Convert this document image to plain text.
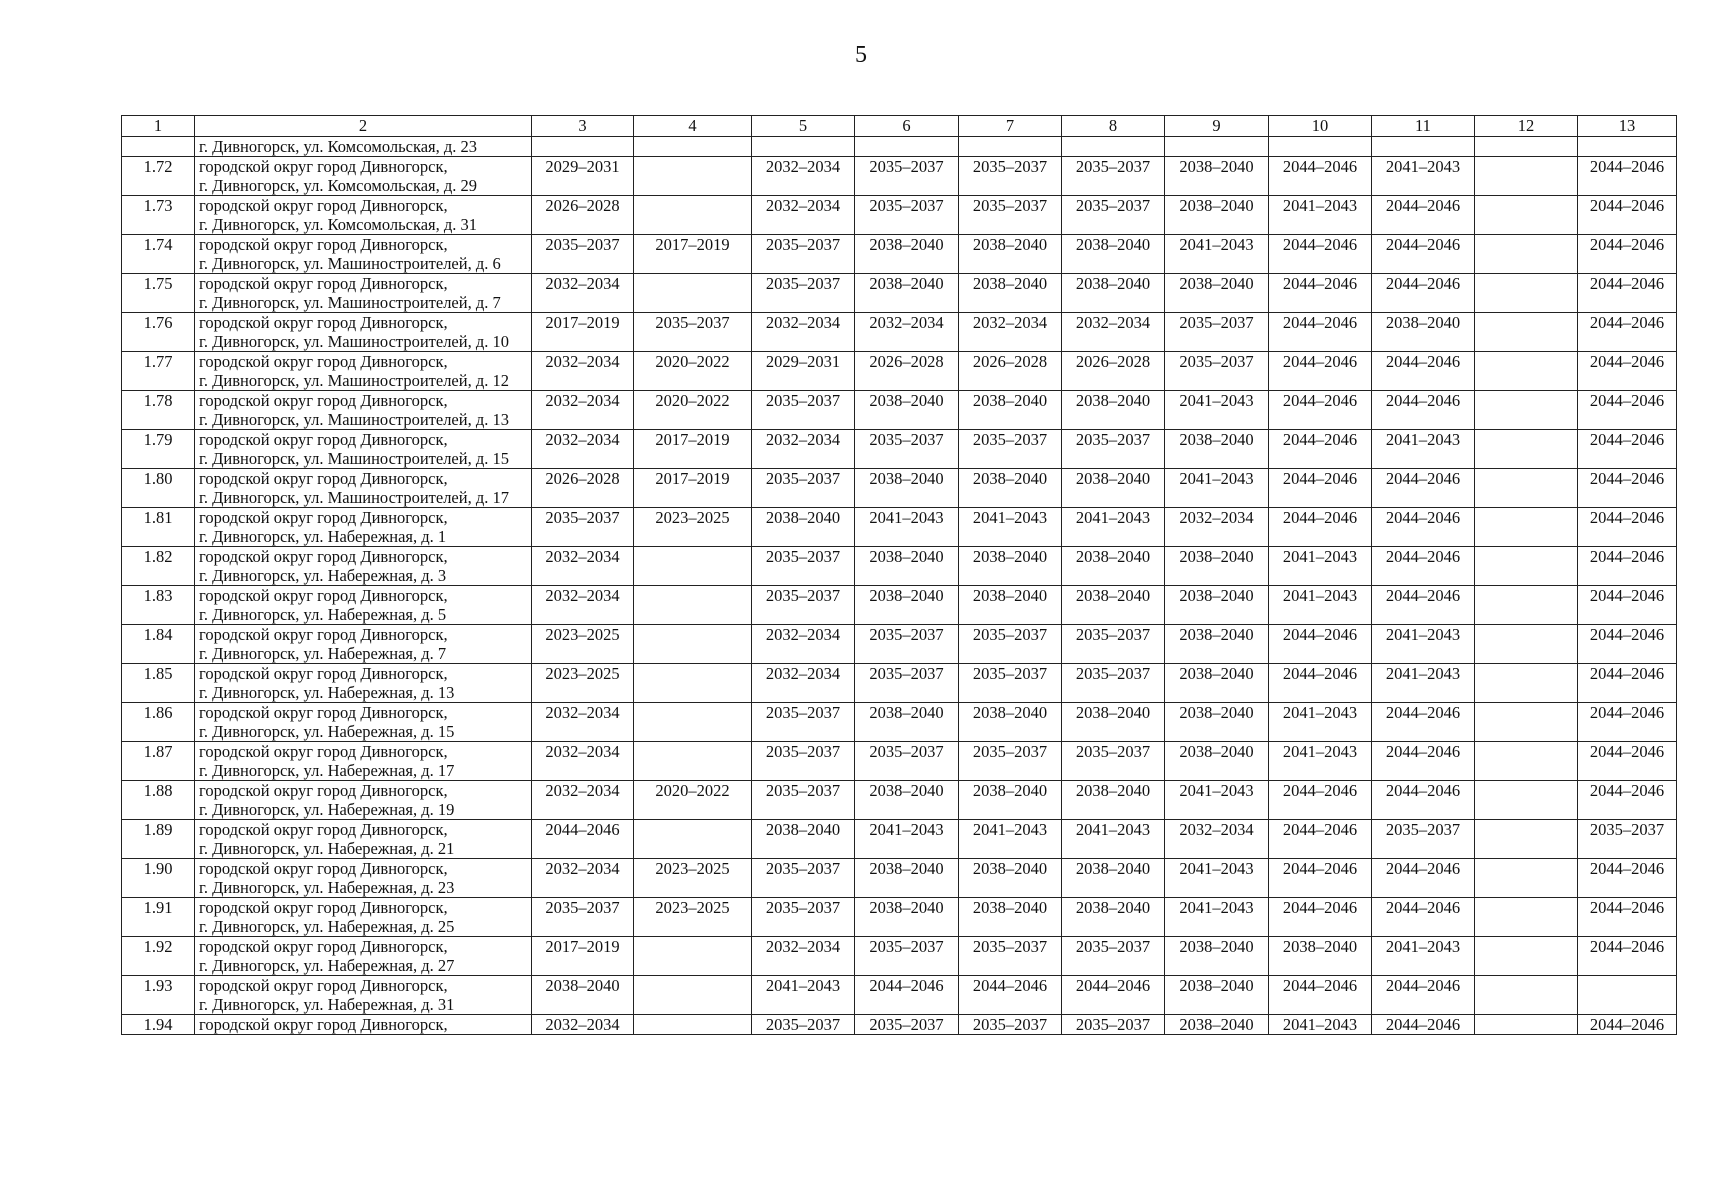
5
1	2	3	4	5	6	7	8	9	10	11	12	13

	г. Дивногорск, ул. Комсомольская, д. 23											

1.72	городской округ город Дивногорск,
г. Дивногорск, ул. Комсомольская, д. 29	2029–2031		2032–2034	2035–2037	2035–2037	2035–2037	2038–2040	2044–2046	2041–2043		2044–2046
1.73	городской округ город Дивногорск,
г. Дивногорск, ул. Комсомольская, д. 31	2026–2028		2032–2034	2035–2037	2035–2037	2035–2037	2038–2040	2041–2043	2044–2046		2044–2046
1.74	городской округ город Дивногорск,
г. Дивногорск, ул. Машиностроителей, д. 6	2035–2037	2017–2019	2035–2037	2038–2040	2038–2040	2038–2040	2041–2043	2044–2046	2044–2046		2044–2046
1.75	городской округ город Дивногорск,
г. Дивногорск, ул. Машиностроителей, д. 7	2032–2034		2035–2037	2038–2040	2038–2040	2038–2040	2038–2040	2044–2046	2044–2046		2044–2046
1.76	городской округ город Дивногорск,
г. Дивногорск, ул. Машиностроителей, д. 10	2017–2019	2035–2037	2032–2034	2032–2034	2032–2034	2032–2034	2035–2037	2044–2046	2038–2040		2044–2046
1.77	городской округ город Дивногорск,
г. Дивногорск, ул. Машиностроителей, д. 12	2032–2034	2020–2022	2029–2031	2026–2028	2026–2028	2026–2028	2035–2037	2044–2046	2044–2046		2044–2046
1.78	городской округ город Дивногорск,
г. Дивногорск, ул. Машиностроителей, д. 13	2032–2034	2020–2022	2035–2037	2038–2040	2038–2040	2038–2040	2041–2043	2044–2046	2044–2046		2044–2046
1.79	городской округ город Дивногорск,
г. Дивногорск, ул. Машиностроителей, д. 15	2032–2034	2017–2019	2032–2034	2035–2037	2035–2037	2035–2037	2038–2040	2044–2046	2041–2043		2044–2046
1.80	городской округ город Дивногорск,
г. Дивногорск, ул. Машиностроителей, д. 17	2026–2028	2017–2019	2035–2037	2038–2040	2038–2040	2038–2040	2041–2043	2044–2046	2044–2046		2044–2046
1.81	городской округ город Дивногорск,
г. Дивногорск, ул. Набережная, д. 1	2035–2037	2023–2025	2038–2040	2041–2043	2041–2043	2041–2043	2032–2034	2044–2046	2044–2046		2044–2046
1.82	городской округ город Дивногорск,
г. Дивногорск, ул. Набережная, д. 3	2032–2034		2035–2037	2038–2040	2038–2040	2038–2040	2038–2040	2041–2043	2044–2046		2044–2046
1.83	городской округ город Дивногорск,
г. Дивногорск, ул. Набережная, д. 5	2032–2034		2035–2037	2038–2040	2038–2040	2038–2040	2038–2040	2041–2043	2044–2046		2044–2046
1.84	городской округ город Дивногорск,
г. Дивногорск, ул. Набережная, д. 7	2023–2025		2032–2034	2035–2037	2035–2037	2035–2037	2038–2040	2044–2046	2041–2043		2044–2046
1.85	городской округ город Дивногорск,
г. Дивногорск, ул. Набережная, д. 13	2023–2025		2032–2034	2035–2037	2035–2037	2035–2037	2038–2040	2044–2046	2041–2043		2044–2046
1.86	городской округ город Дивногорск,
г. Дивногорск, ул. Набережная, д. 15	2032–2034		2035–2037	2038–2040	2038–2040	2038–2040	2038–2040	2041–2043	2044–2046		2044–2046
1.87	городской округ город Дивногорск,
г. Дивногорск, ул. Набережная, д. 17	2032–2034		2035–2037	2035–2037	2035–2037	2035–2037	2038–2040	2041–2043	2044–2046		2044–2046
1.88	городской округ город Дивногорск,
г. Дивногорск, ул. Набережная, д. 19	2032–2034	2020–2022	2035–2037	2038–2040	2038–2040	2038–2040	2041–2043	2044–2046	2044–2046		2044–2046
1.89	городской округ город Дивногорск,
г. Дивногорск, ул. Набережная, д. 21	2044–2046		2038–2040	2041–2043	2041–2043	2041–2043	2032–2034	2044–2046	2035–2037		2035–2037
1.90	городской округ город Дивногорск,
г. Дивногорск, ул. Набережная, д. 23	2032–2034	2023–2025	2035–2037	2038–2040	2038–2040	2038–2040	2041–2043	2044–2046	2044–2046		2044–2046
1.91	городской округ город Дивногорск,
г. Дивногорск, ул. Набережная, д. 25	2035–2037	2023–2025	2035–2037	2038–2040	2038–2040	2038–2040	2041–2043	2044–2046	2044–2046		2044–2046
1.92	городской округ город Дивногорск,
г. Дивногорск, ул. Набережная, д. 27	2017–2019		2032–2034	2035–2037	2035–2037	2035–2037	2038–2040	2038–2040	2041–2043		2044–2046
1.93	городской округ город Дивногорск,
г. Дивногорск, ул. Набережная, д. 31	2038–2040		2041–2043	2044–2046	2044–2046	2044–2046	2038–2040	2044–2046	2044–2046		
1.94	городской округ город Дивногорск,	2032–2034		2035–2037	2035–2037	2035–2037	2035–2037	2038–2040	2041–2043	2044–2046		2044–2046
